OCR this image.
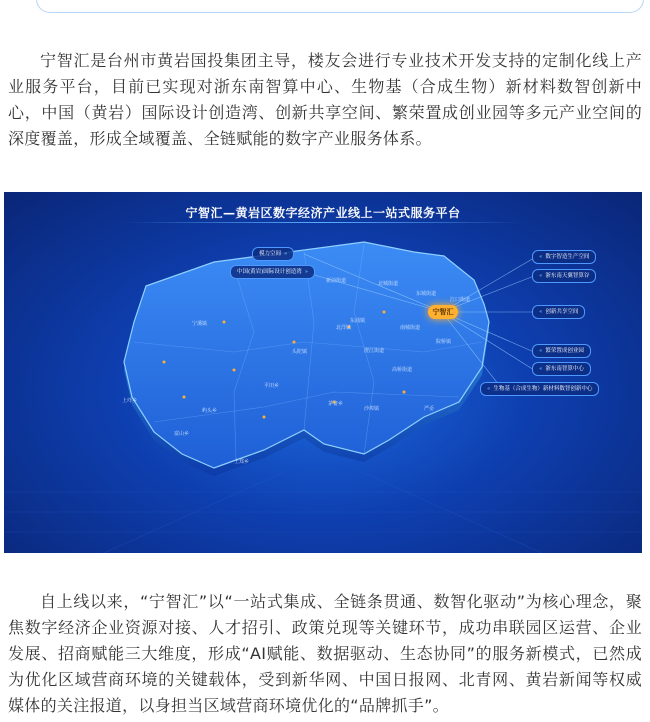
宁智汇是台州市黄岩国投集团主导，楼友会进行专业技术开发支持的定制化线上产业服务平台，目前已实现对浙东南智算中心、生物基（合成生物）新材料数智创新中心，中国（黄岩）国际设计创造湾、创新共享空间、繁荣置成创业园等多元产业空间的深度覆盖，形成全域覆盖、全链赋能的数字产业服务体系。

宁智汇—黄岩区数字经济产业线上一站式服务平台
模力空间 »
中国(黄岩)国际设计创造湾 »
« 数字智造生产空间
« 浙东南天翼智算谷
« 创新共享空间
« 繁荣置成创业园
« 浙东南智算中心
« 生物基（合成生物）新材料数智创新中心
宁智汇
新前街道	北城街道
东城街道
江口街道
东浦镇
南城街道
院桥镇
澄江街道
高桥街道
头陀镇
北洋镇
宁溪镇
茅畲乡
富山乡
上郑乡
沙埠镇
平田乡
上垟乡
屿头乡	严岙

自上线以来，“宁智汇”以“一站式集成、全链条贯通、数智化驱动”为核心理念，聚焦数字经济企业资源对接、人才招引、政策兑现等关键环节，成功串联园区运营、企业发展、招商赋能三大维度，形成“AI赋能、数据驱动、生态协同”的服务新模式，已然成为优化区域营商环境的关键载体，受到新华网、中国日报网、北青网、黄岩新闻等权威媒体的关注报道，以身担当区域营商环境优化的“品牌抓手”。
